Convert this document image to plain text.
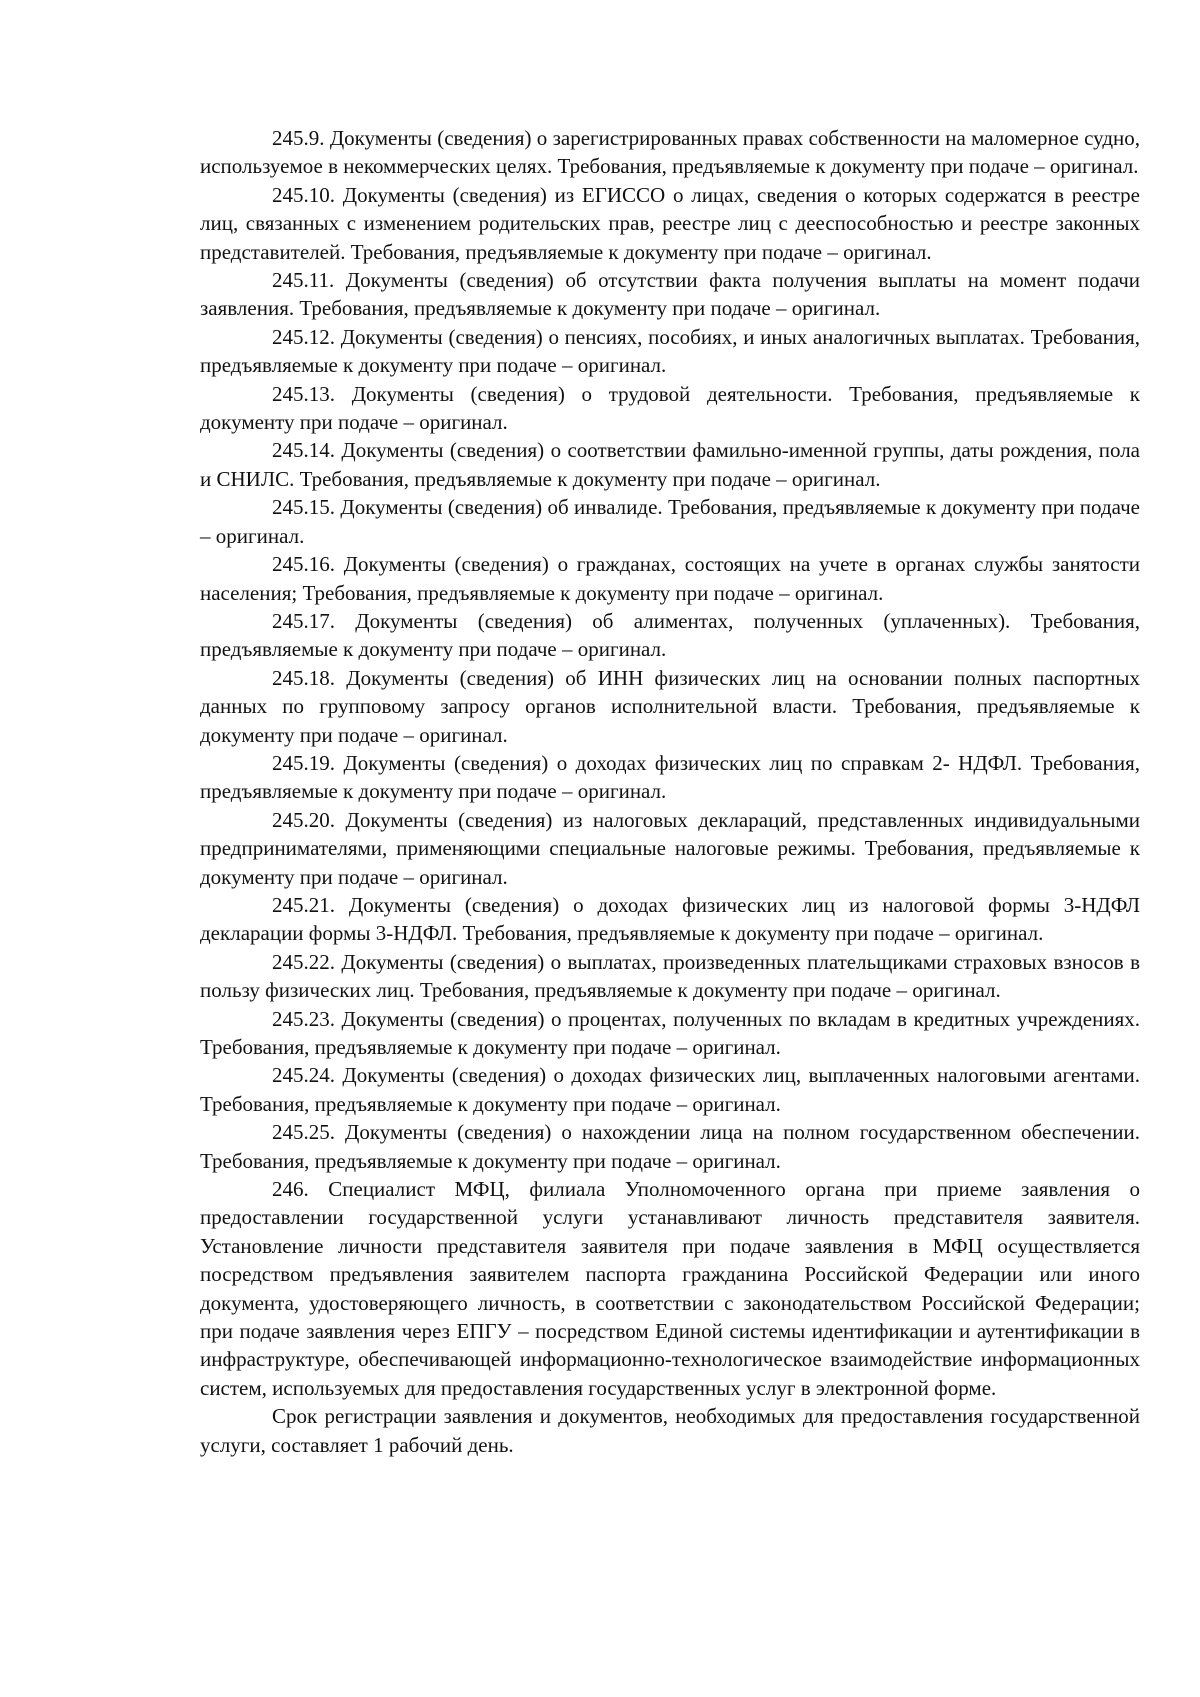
245.9. Документы (сведения) о зарегистрированных правах собственности на маломерное судно, используемое в некоммерческих целях. Требования, предъявляемые к документу при подаче – оригинал.

245.10. Документы (сведения) из ЕГИССО о лицах, сведения о которых содержатся в реестре лиц, связанных с изменением родительских прав, реестре лиц с дееспособностью и реестре законных представителей. Требования, предъявляемые к документу при подаче – оригинал.

245.11. Документы (сведения) об отсутствии факта получения выплаты на момент подачи заявления. Требования, предъявляемые к документу при подаче – оригинал.

245.12. Документы (сведения) о пенсиях, пособиях, и иных аналогичных выплатах. Требования, предъявляемые к документу при подаче – оригинал.

245.13. Документы (сведения) о трудовой деятельности. Требования, предъявляемые к документу при подаче – оригинал.

245.14. Документы (сведения) о соответствии фамильно-именной группы, даты рождения, пола и СНИЛС. Требования, предъявляемые к документу при подаче – оригинал.

245.15. Документы (сведения) об инвалиде. Требования, предъявляемые к документу при подаче – оригинал.

245.16. Документы (сведения) о гражданах, состоящих на учете в органах службы занятости населения; Требования, предъявляемые к документу при подаче – оригинал.

245.17. Документы (сведения) об алиментах, полученных (уплаченных). Требования, предъявляемые к документу при подаче – оригинал.

245.18. Документы (сведения) об ИНН физических лиц на основании полных паспортных данных по групповому запросу органов исполнительной власти. Требования, предъявляемые к документу при подаче – оригинал.

245.19. Документы (сведения) о доходах физических лиц по справкам 2- НДФЛ. Требования, предъявляемые к документу при подаче – оригинал.

245.20. Документы (сведения) из налоговых деклараций, представленных индивидуальными предпринимателями, применяющими специальные налоговые режимы. Требования, предъявляемые к документу при подаче – оригинал.

245.21. Документы (сведения) о доходах физических лиц из налоговой формы 3-НДФЛ декларации формы 3-НДФЛ. Требования, предъявляемые к документу при подаче – оригинал.

245.22. Документы (сведения) о выплатах, произведенных плательщиками страховых взносов в пользу физических лиц. Требования, предъявляемые к документу при подаче – оригинал.

245.23. Документы (сведения) о процентах, полученных по вкладам в кредитных учреждениях. Требования, предъявляемые к документу при подаче – оригинал.

245.24. Документы (сведения) о доходах физических лиц, выплаченных налоговыми агентами. Требования, предъявляемые к документу при подаче – оригинал.

245.25. Документы (сведения) о нахождении лица на полном государственном обеспечении. Требования, предъявляемые к документу при подаче – оригинал.

246. Специалист МФЦ, филиала Уполномоченного органа при приеме заявления о предоставлении государственной услуги устанавливают личность представителя заявителя. Установление личности представителя заявителя при подаче заявления в МФЦ осуществляется посредством предъявления заявителем паспорта гражданина Российской Федерации или иного документа, удостоверяющего личность, в соответствии с законодательством Российской Федерации; при подаче заявления через ЕПГУ – посредством Единой системы идентификации и аутентификации в инфраструктуре, обеспечивающей информационно-технологическое взаимодействие информационных систем, используемых для предоставления государственных услуг в электронной форме.

Срок регистрации заявления и документов, необходимых для предоставления государственной услуги, составляет 1 рабочий день.
